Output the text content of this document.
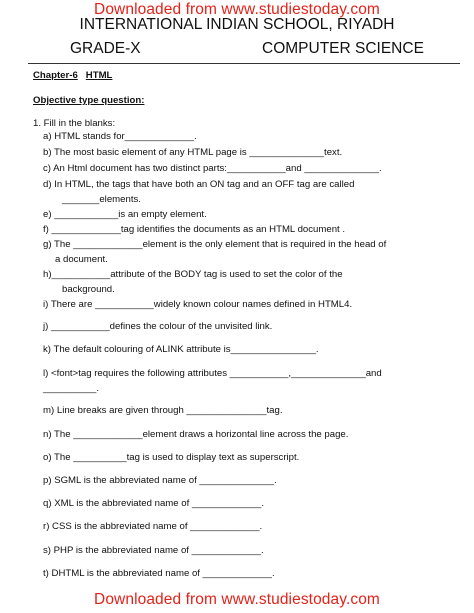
Downloaded from www.studiestoday.com
INTERNATIONAL INDIAN SCHOOL, RIYADH
GRADE-X	COMPUTER SCIENCE
Chapter-6 HTML
Objective type question:
1. Fill in the blanks:
a) HTML stands for_____________.
b) The most basic element of any HTML page is ______________text.
c) An Html document has two distinct parts:___________and ______________.
d) In HTML, the tags that have both an ON tag and an OFF tag are called
_______elements.
e) ____________is an empty element.
f) _____________tag identifies the documents as an HTML document .
g) The _____________element is the only element that is required in the head of
a document.
h)___________attribute of the BODY tag is used to set the color of the
background.
i) There are ___________widely known colour names defined in HTML4.
j) ___________defines the colour of the unvisited link.
k) The default colouring of ALINK attribute is________________.
l) <font>tag requires the following attributes ___________,______________and
__________.
m) Line breaks are given through _______________tag.
n) The _____________element draws a horizontal line across the page.
o) The __________tag is used to display text as superscript.
p) SGML is the abbreviated name of ______________.
q) XML is the abbreviated name of _____________.
r) CSS is the abbreviated name of _____________.
s) PHP is the abbreviated name of _____________.
t) DHTML is the abbreviated name of _____________.
Downloaded from www.studiestoday.com
